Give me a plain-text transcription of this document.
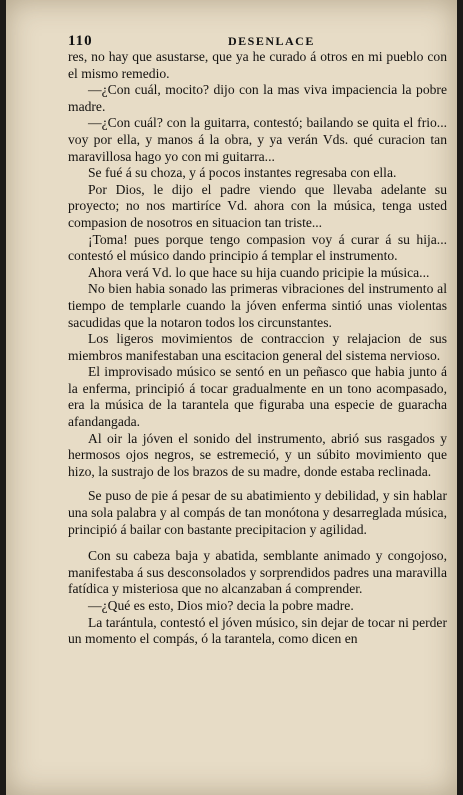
110	DESENLACE

res, no hay que asustarse, que ya he curado á otros en mi pueblo con el mismo remedio.

—¿Con cuál, mocito? dijo con la mas viva impaciencia la pobre madre.

—¿Con cuál? con la guitarra, contestó; bailando se quita el frio... voy por ella, y manos á la obra, y ya verán Vds. qué curacion tan maravillosa hago yo con mi guitarra...

Se fué á su choza, y á pocos instantes regresaba con ella.

Por Dios, le dijo el padre viendo que llevaba adelante su proyecto; no nos martiríce Vd. ahora con la música, tenga usted compasion de nosotros en situacion tan triste...

¡Toma! pues porque tengo compasion voy á curar á su hija... contestó el músico dando principio á templar el instrumento.

Ahora verá Vd. lo que hace su hija cuando pricipie la música...

No bien habia sonado las primeras vibraciones del instrumento al tiempo de templarle cuando la jóven enferma sintió unas violentas sacudidas que la notaron todos los circunstantes.

Los ligeros movimientos de contraccion y relajacion de sus miembros manifestaban una escitacion general del sistema nervioso.

El improvisado músico se sentó en un peñasco que habia junto á la enferma, principió á tocar gradualmente en un tono acompasado, era la música de la tarantela que figuraba una especie de guaracha afandangada.

Al oir la jóven el sonido del instrumento, abrió sus rasgados y hermosos ojos negros, se estremeció, y un súbito movimiento que hizo, la sustrajo de los brazos de su madre, donde estaba reclinada.

Se puso de pie á pesar de su abatimiento y debilidad, y sin hablar una sola palabra y al compás de tan monótona y desarreglada música, principió á bailar con bastante precipitacion y agilidad.

Con su cabeza baja y abatida, semblante animado y congojoso, manifestaba á sus desconsolados y sorprendidos padres una maravilla fatídica y misteriosa que no alcanzaban á comprender.

—¿Qué es esto, Dios mio? decia la pobre madre.

La tarántula, contestó el jóven músico, sin dejar de tocar ni perder un momento el compás, ó la tarantela, como dicen en
